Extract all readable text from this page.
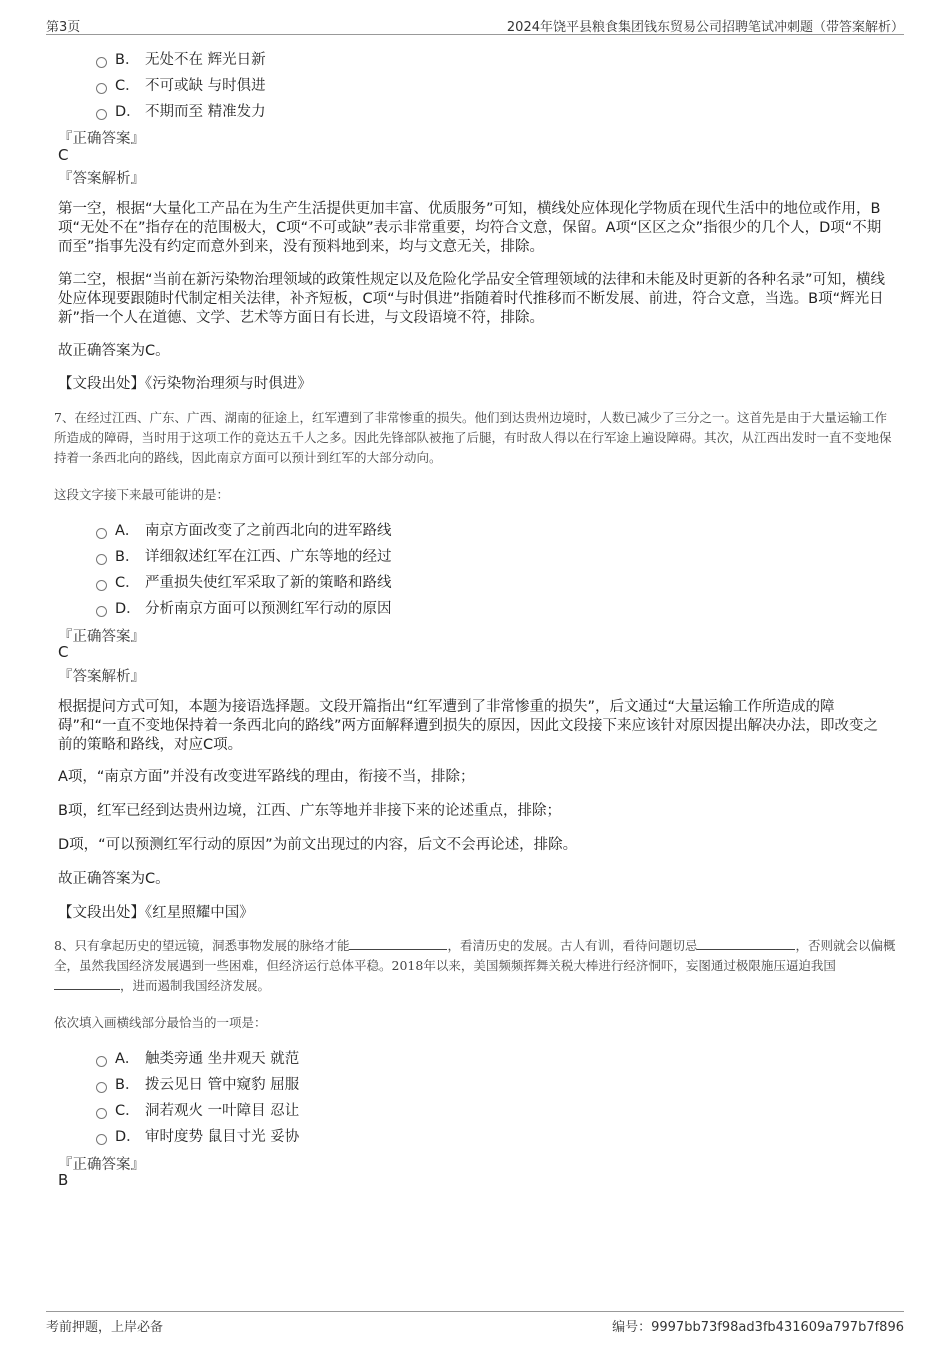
第3页	2024年饶平县粮食集团钱东贸易公司招聘笔试冲刺题（带答案解析）
B． 无处不在 辉光日新
C． 不可或缺 与时俱进
D． 不期而至 精准发力
『正确答案』
C
『答案解析』
第一空，根据“大量化工产品在为生产生活提供更加丰富、优质服务”可知，横线处应体现化学物质在现代生活中的地位或作用，B项“无处不在”指存在的范围极大，C项“不可或缺”表示非常重要，均符合文意，保留。A项“区区之众”指很少的几个人，D项“不期而至”指事先没有约定而意外到来，没有预料地到来，均与文意无关，排除。
第二空，根据“当前在新污染物治理领域的政策性规定以及危险化学品安全管理领域的法律和未能及时更新的各种名录”可知，横线处应体现要跟随时代制定相关法律，补齐短板，C项“与时俱进”指随着时代推移而不断发展、前进，符合文意，当选。B项“辉光日新”指一个人在道德、文学、艺术等方面日有长进，与文段语境不符，排除。
故正确答案为C。
【文段出处】《污染物治理须与时俱进》
7、在经过江西、广东、广西、湖南的征途上，红军遭到了非常惨重的损失。他们到达贵州边境时，人数已减少了三分之一。这首先是由于大量运输工作所造成的障碍，当时用于这项工作的竟达五千人之多。因此先锋部队被拖了后腿，有时敌人得以在行军途上遍设障碍。其次，从江西出发时一直不变地保持着一条西北向的路线，因此南京方面可以预计到红军的大部分动向。
这段文字接下来最可能讲的是：
A． 南京方面改变了之前西北向的进军路线
B． 详细叙述红军在江西、广东等地的经过
C． 严重损失使红军采取了新的策略和路线
D． 分析南京方面可以预测红军行动的原因
『正确答案』
C
『答案解析』
根据提问方式可知，本题为接语选择题。文段开篇指出“红军遭到了非常惨重的损失”，后文通过“大量运输工作所造成的障碍”和“一直不变地保持着一条西北向的路线”两方面解释遭到损失的原因，因此文段接下来应该针对原因提出解决办法，即改变之前的策略和路线，对应C项。
A项，“南京方面”并没有改变进军路线的理由，衔接不当，排除；
B项，红军已经到达贵州边境，江西、广东等地并非接下来的论述重点，排除；
D项，“可以预测红军行动的原因”为前文出现过的内容，后文不会再论述，排除。
故正确答案为C。
【文段出处】《红星照耀中国》
8、只有拿起历史的望远镜，洞悉事物发展的脉络才能	，看清历史的发展。古人有训，看待问题切忌	，否则就会以偏概全，虽然我国经济发展遇到一些困难，但经济运行总体平稳。2018年以来，美国频频挥舞关税大棒进行经济恫吓，妄图通过极限施压逼迫我国，进而遏制我国经济发展。
依次填入画横线部分最恰当的一项是：
A． 触类旁通 坐井观天 就范
B． 拨云见日 管中窥豹 屈服
C． 洞若观火 一叶障目 忍让
D． 审时度势 鼠目寸光 妥协
『正确答案』
B
考前押题，上岸必备	编号：9997bb73f98ad3fb431609a797b7f896
